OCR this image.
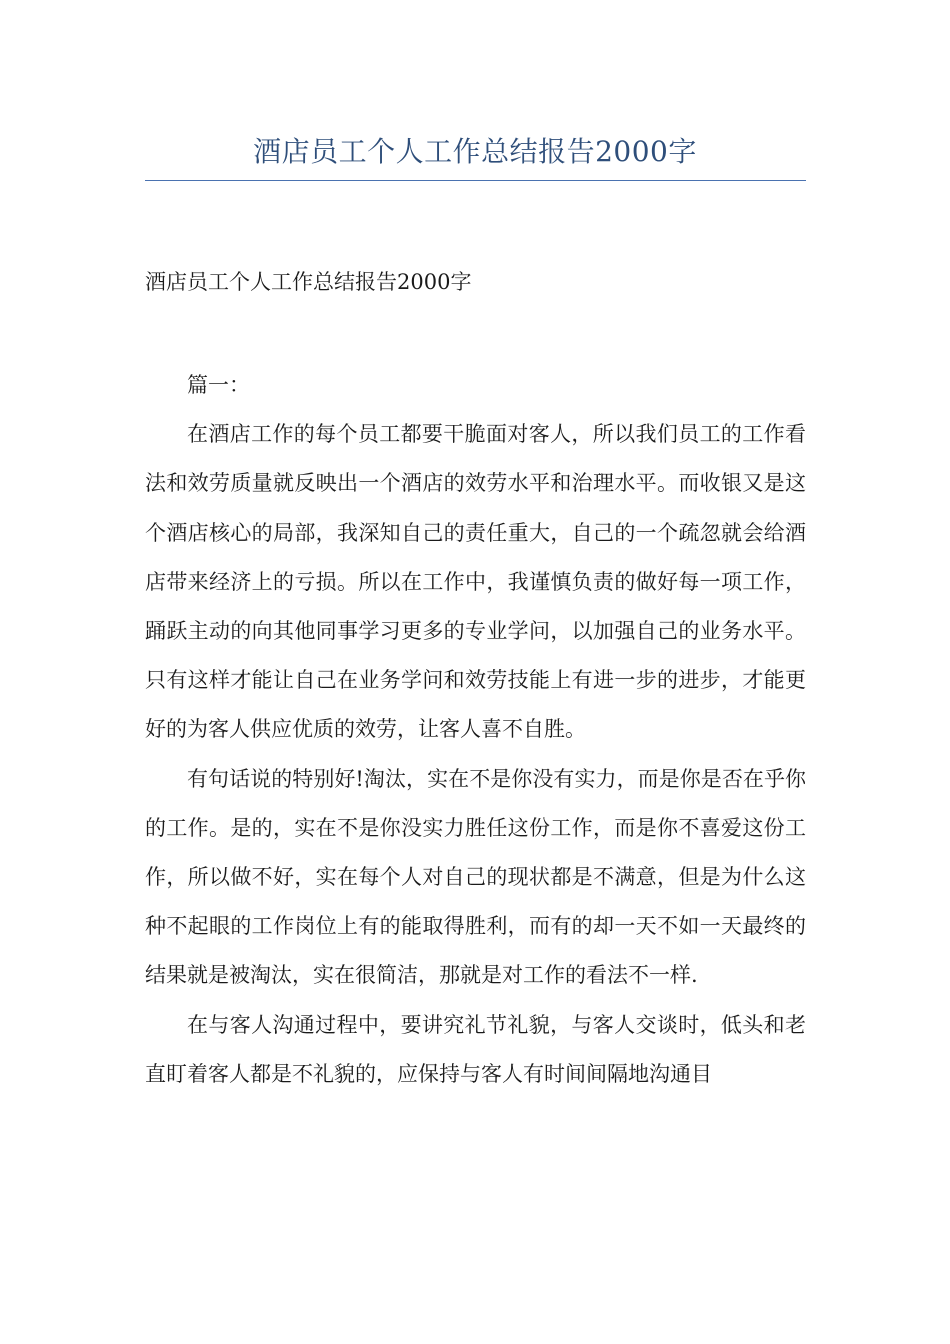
酒店员工个人工作总结报告2000字
酒店员工个人工作总结报告2000字

篇一：

在酒店工作的每个员工都要干脆面对客人，所以我们员工的工作看法和效劳质量就反映出一个酒店的效劳水平和治理水平。而收银又是这个酒店核心的局部，我深知自己的责任重大，自己的一个疏忽就会给酒店带来经济上的亏损。所以在工作中，我谨慎负责的做好每一项工作，踊跃主动的向其他同事学习更多的专业学问，以加强自己的业务水平。只有这样才能让自己在业务学问和效劳技能上有进一步的进步，才能更好的为客人供应优质的效劳，让客人喜不自胜。

有句话说的特别好!淘汰，实在不是你没有实力，而是你是否在乎你的工作。是的，实在不是你没实力胜任这份工作，而是你不喜爱这份工作，所以做不好，实在每个人对自己的现状都是不满意，但是为什么这种不起眼的工作岗位上有的能取得胜利，而有的却一天不如一天最终的结果就是被淘汰，实在很简洁，那就是对工作的看法不一样.

在与客人沟通过程中，要讲究礼节礼貌，与客人交谈时，低头和老直盯着客人都是不礼貌的，应保持与客人有时间间隔地沟通目
